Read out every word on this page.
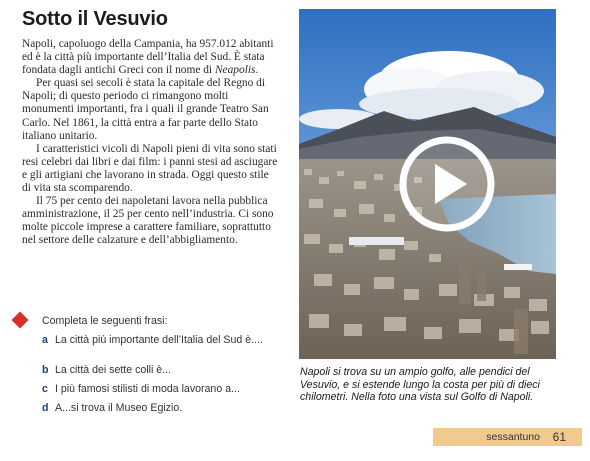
Sotto il Vesuvio

Napoli, capoluogo della Campania, ha 957.012 abitanti ed è la città più importante dell’Italia del Sud. È stata fondata dagli antichi Greci con il nome di Neapolis.

Per quasi sei secoli è stata la capitale del Regno di Napoli; di questo periodo ci rimangono molti monumenti importanti, fra i quali il grande Teatro San Carlo. Nel 1861, la città entra a far parte dello Stato italiano unitario.

I caratteristici vicoli di Napoli pieni di vita sono stati resi celebri dai libri e dai film: i panni stesi ad asciugare e gli artigiani che lavorano in strada. Oggi questo stile di vita sta scomparendo.

Il 75 per cento dei napoletani lavora nella pubblica amministrazione, il 25 per cento nell’industria. Ci sono molte piccole imprese a carattere familiare, soprattutto nel settore delle calzature e dell’abbigliamento.

Completa le seguenti frasi:
a La città più importante dell’Italia del Sud è....
b La città dei sette colli è...
c I più famosi stilisti di moda lavorano a...
d A...si trova il Museo Egizio.
Napoli si trova su un ampio golfo, alle pendici del Vesuvio, e si estende lungo la costa per più di dieci chilometri. Nella foto una vista sul Golfo di Napoli.
sessantuno 61
